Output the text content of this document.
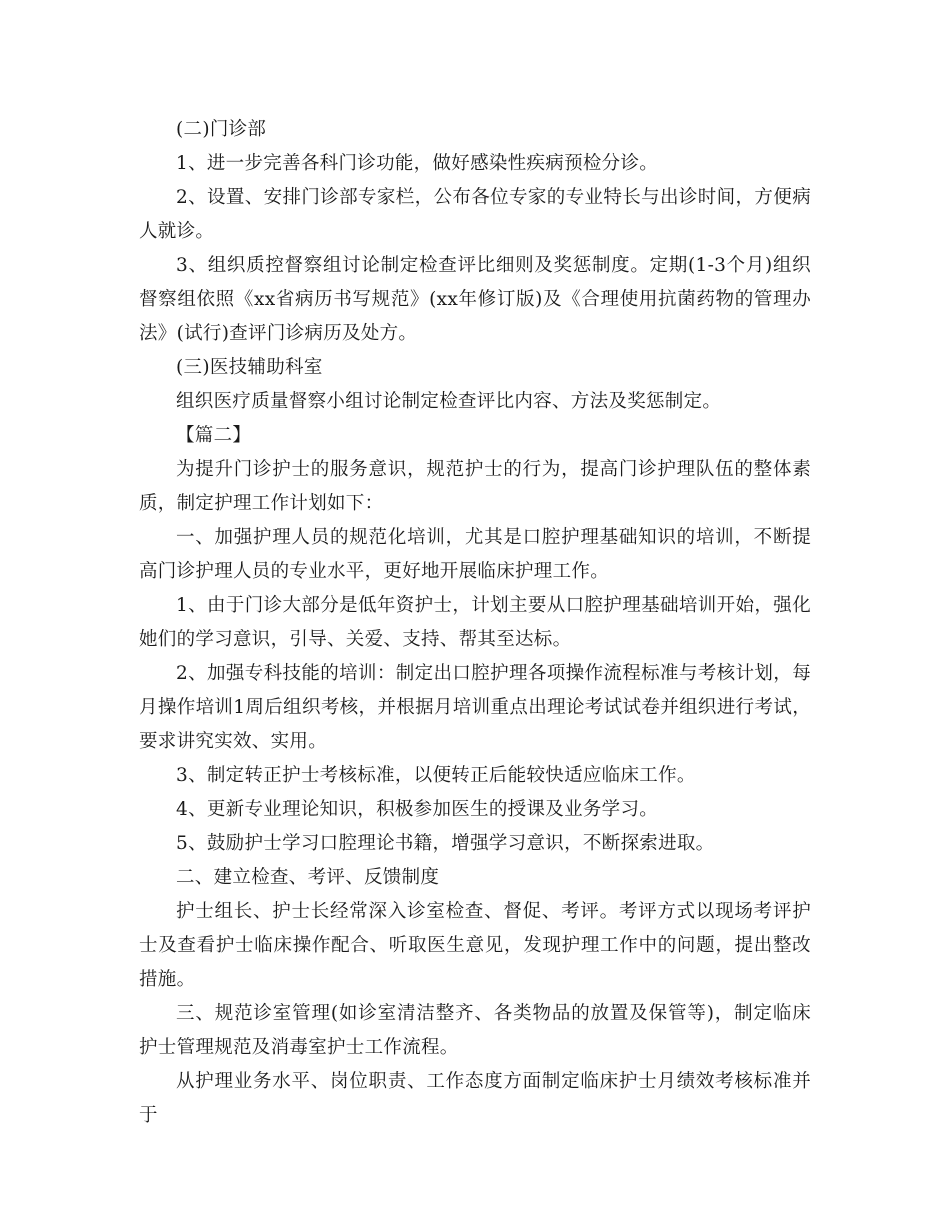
(二)门诊部

1、进一步完善各科门诊功能，做好感染性疾病预检分诊。

2、设置、安排门诊部专家栏，公布各位专家的专业特长与出诊时间，方便病人就诊。

3、组织质控督察组讨论制定检查评比细则及奖惩制度。定期(1-3个月)组织督察组依照《xx省病历书写规范》(xx年修订版)及《合理使用抗菌药物的管理办法》(试行)查评门诊病历及处方。

(三)医技辅助科室

组织医疗质量督察小组讨论制定检查评比内容、方法及奖惩制定。

【篇二】

为提升门诊护士的服务意识，规范护士的行为，提高门诊护理队伍的整体素质，制定护理工作计划如下：

一、加强护理人员的规范化培训，尤其是口腔护理基础知识的培训，不断提高门诊护理人员的专业水平，更好地开展临床护理工作。

1、由于门诊大部分是低年资护士，计划主要从口腔护理基础培训开始，强化她们的学习意识，引导、关爱、支持、帮其至达标。

2、加强专科技能的培训：制定出口腔护理各项操作流程标准与考核计划，每月操作培训1周后组织考核，并根据月培训重点出理论考试试卷并组织进行考试，要求讲究实效、实用。

3、制定转正护士考核标准，以便转正后能较快适应临床工作。

4、更新专业理论知识，积极参加医生的授课及业务学习。

5、鼓励护士学习口腔理论书籍，增强学习意识，不断探索进取。

二、建立检查、考评、反馈制度

护士组长、护士长经常深入诊室检查、督促、考评。考评方式以现场考评护士及查看护士临床操作配合、听取医生意见，发现护理工作中的问题，提出整改措施。

三、规范诊室管理(如诊室清洁整齐、各类物品的放置及保管等)，制定临床护士管理规范及消毒室护士工作流程。

从护理业务水平、岗位职责、工作态度方面制定临床护士月绩效考核标准并于
